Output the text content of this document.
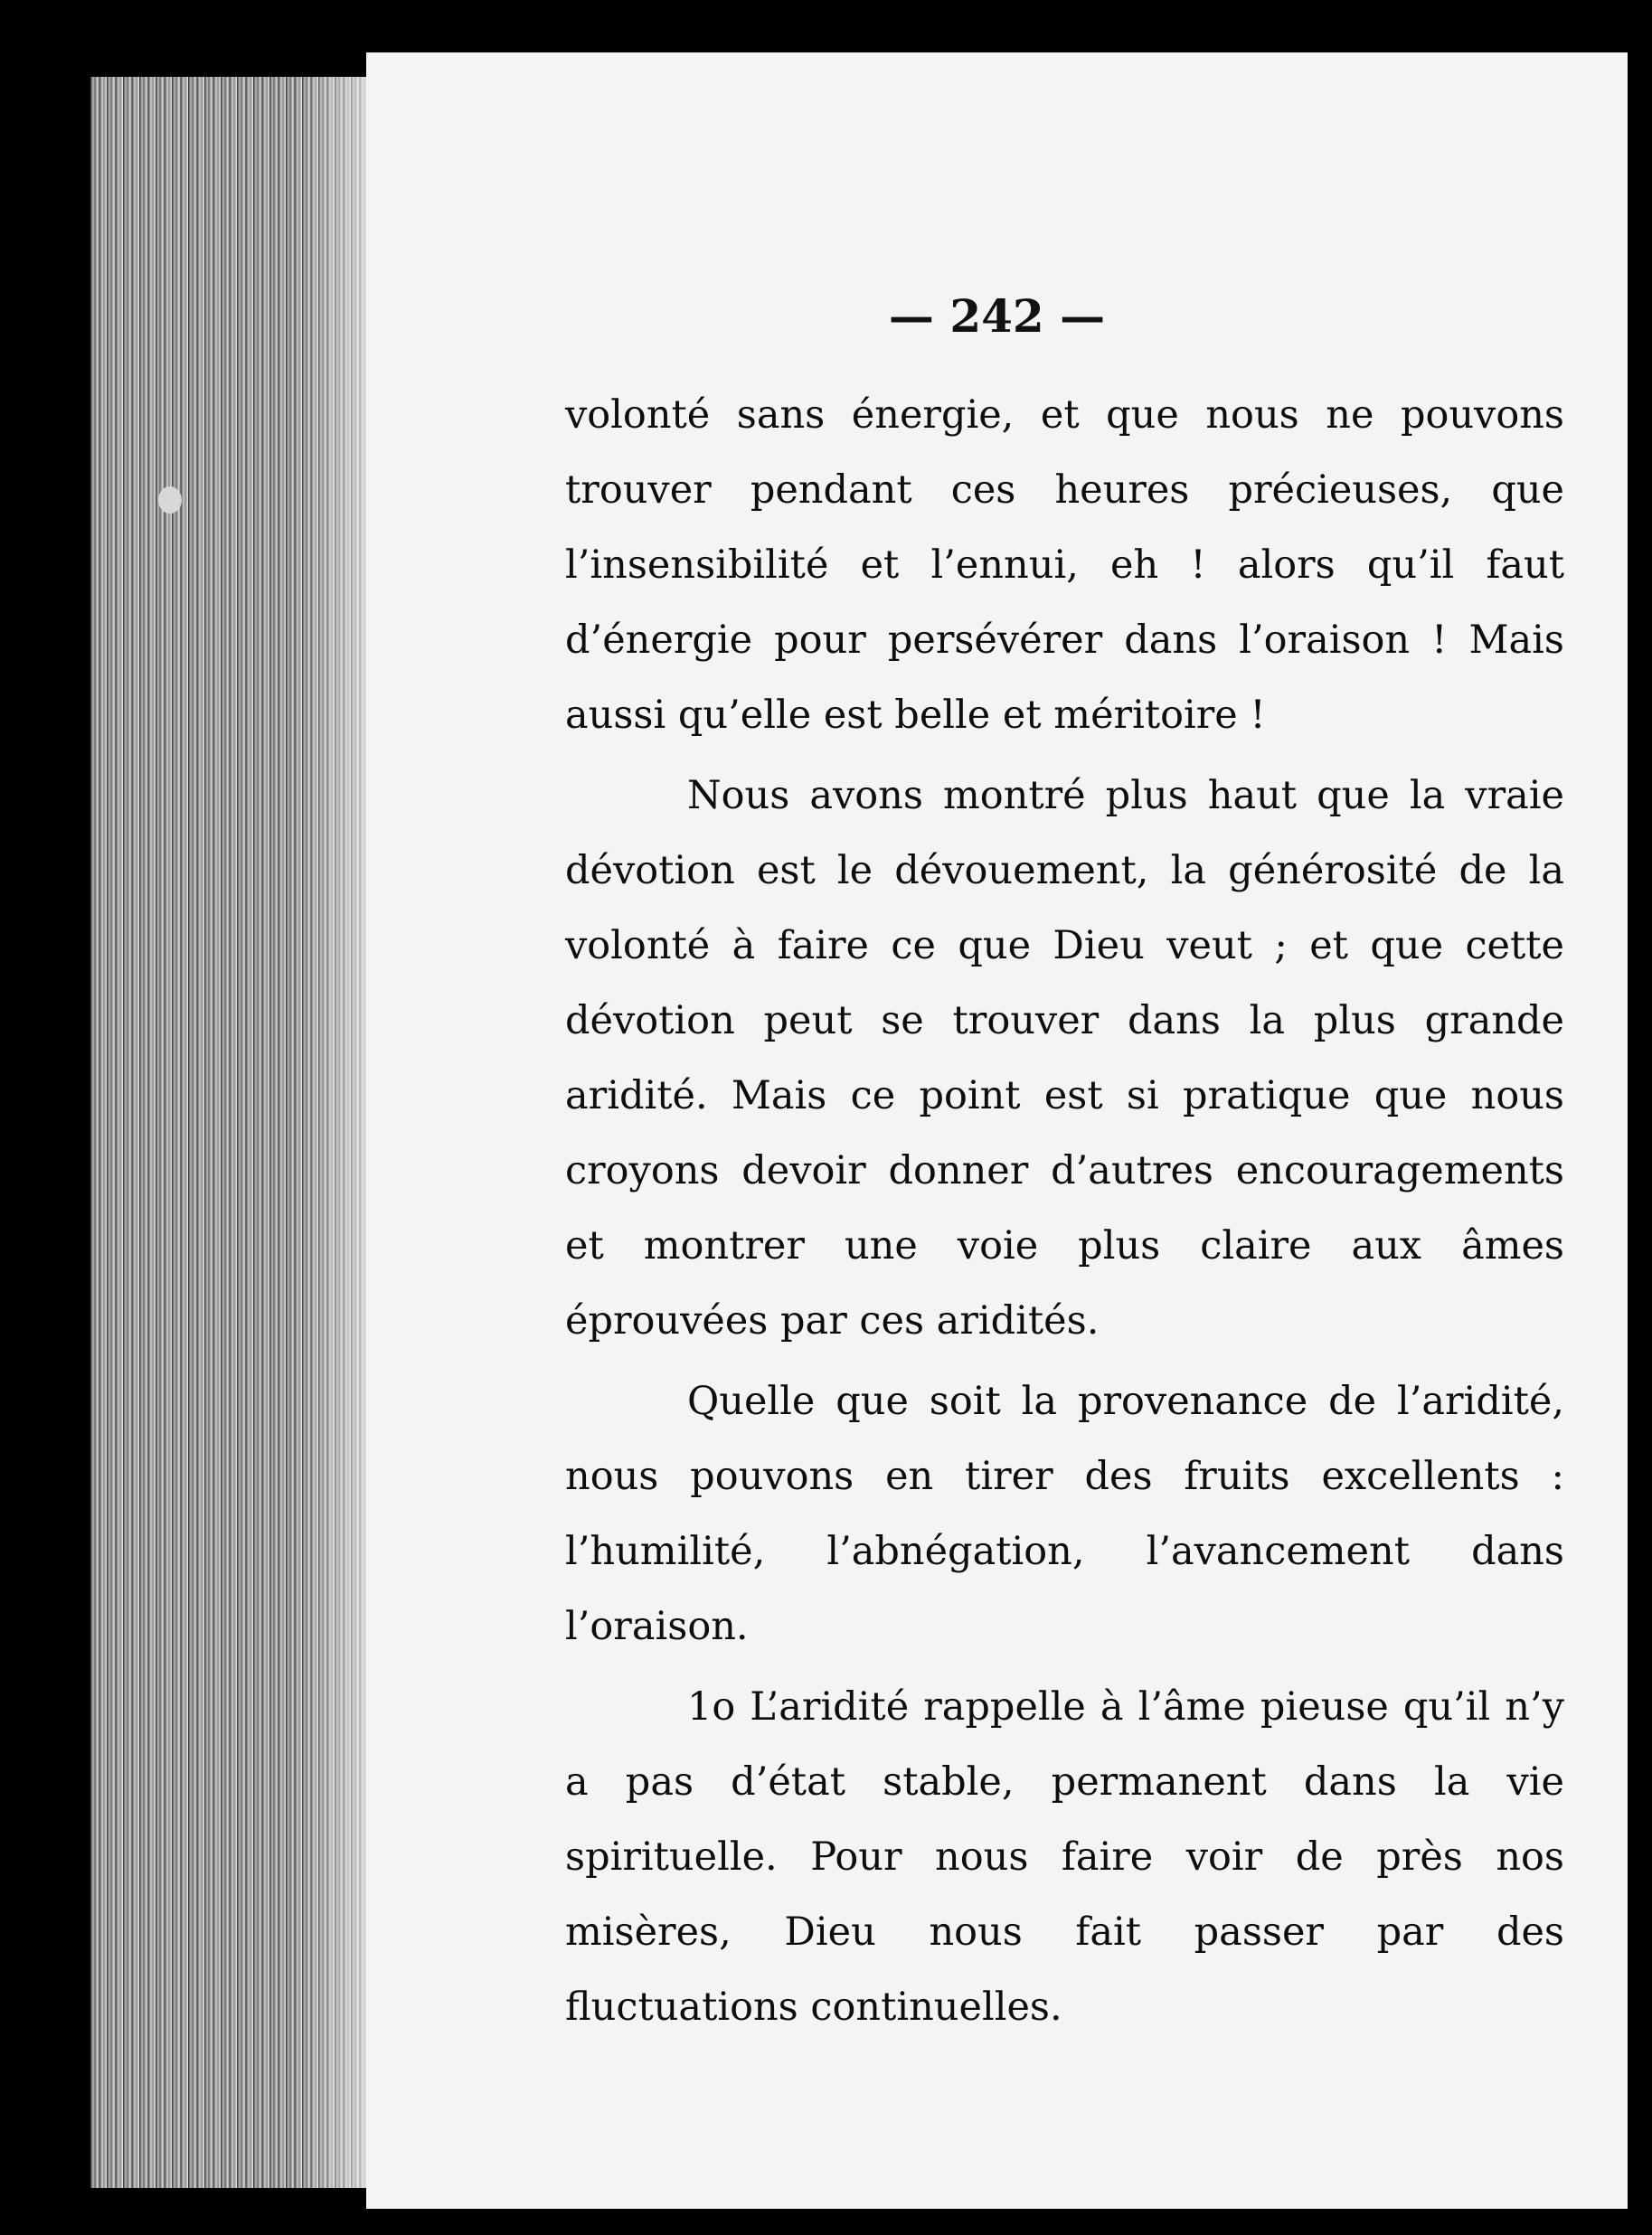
— 242 —

volonté sans énergie, et que nous ne pouvons trouver pendant ces heures précieuses, que l’insensibilité et l’ennui, eh ! alors qu’il faut d’énergie pour persévérer dans l’oraison ! Mais aussi qu’elle est belle et méritoire !

Nous avons montré plus haut que la vraie dévotion est le dévouement, la générosité de la volonté à faire ce que Dieu veut ; et que cette dévotion peut se trouver dans la plus grande aridité. Mais ce point est si pratique que nous croyons devoir donner d’autres encouragements et montrer une voie plus claire aux âmes éprouvées par ces aridités.

Quelle que soit la provenance de l’aridité, nous pouvons en tirer des fruits excellents : l’humilité, l’abnégation, l’avancement dans l’oraison.

1o L’aridité rappelle à l’âme pieuse qu’il n’y a pas d’état stable, permanent dans la vie spirituelle. Pour nous faire voir de près nos misères, Dieu nous fait passer par des fluctuations continuelles.
